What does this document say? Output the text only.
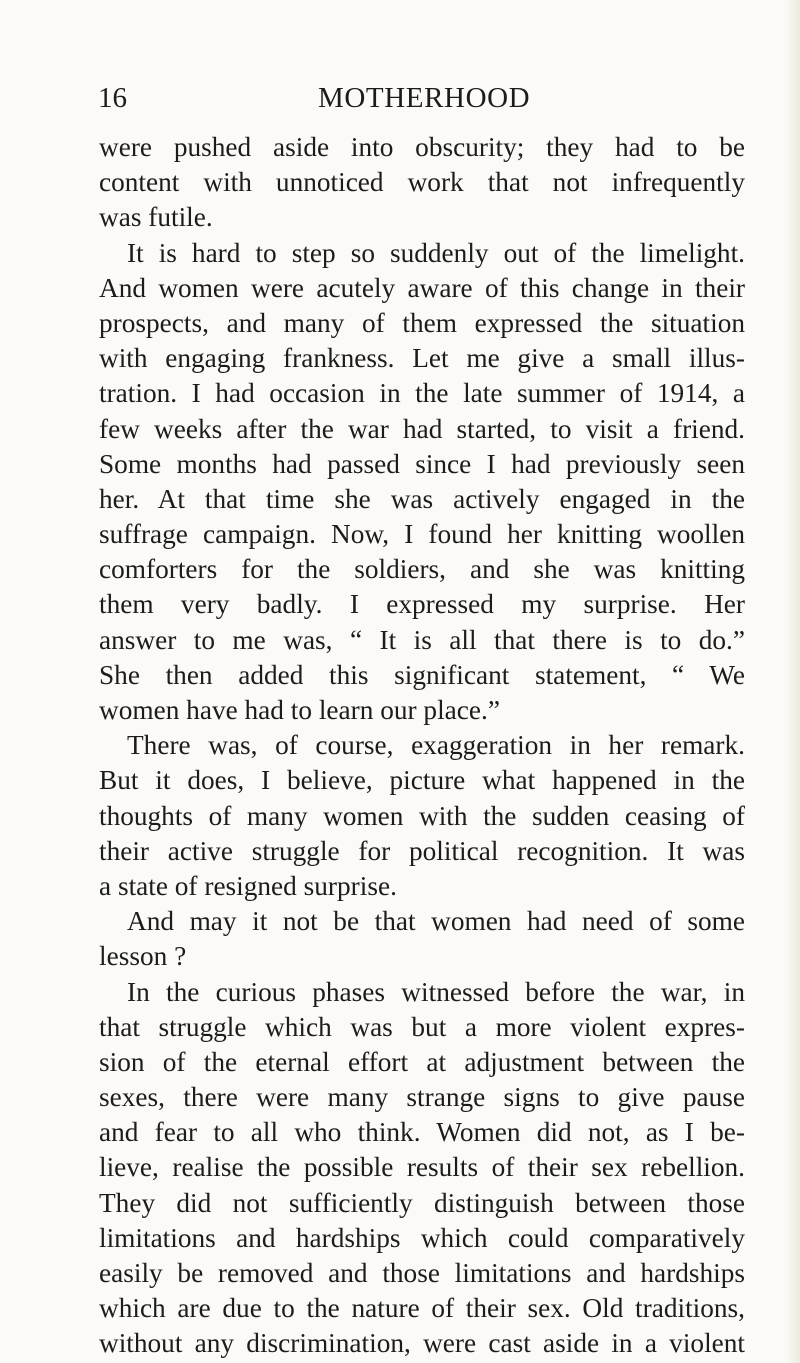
16	MOTHERHOOD
were pushed aside into obscurity; they had to be
content with unnoticed work that not infrequently
was futile.
It is hard to step so suddenly out of the limelight.
And women were acutely aware of this change in their
prospects, and many of them expressed the situation
with engaging frankness. Let me give a small illus-
tration. I had occasion in the late summer of 1914, a
few weeks after the war had started, to visit a friend.
Some months had passed since I had previously seen
her. At that time she was actively engaged in the
suffrage campaign. Now, I found her knitting woollen
comforters for the soldiers, and she was knitting
them very badly. I expressed my surprise. Her
answer to me was, “ It is all that there is to do.”
She then added this significant statement, “ We
women have had to learn our place.”
There was, of course, exaggeration in her remark.
But it does, I believe, picture what happened in the
thoughts of many women with the sudden ceasing of
their active struggle for political recognition. It was
a state of resigned surprise.
And may it not be that women had need of some
lesson ?
In the curious phases witnessed before the war, in
that struggle which was but a more violent expres-
sion of the eternal effort at adjustment between the
sexes, there were many strange signs to give pause
and fear to all who think. Women did not, as I be-
lieve, realise the possible results of their sex rebellion.
They did not sufficiently distinguish between those
limitations and hardships which could comparatively
easily be removed and those limitations and hardships
which are due to the nature of their sex. Old traditions,
without any discrimination, were cast aside in a violent
